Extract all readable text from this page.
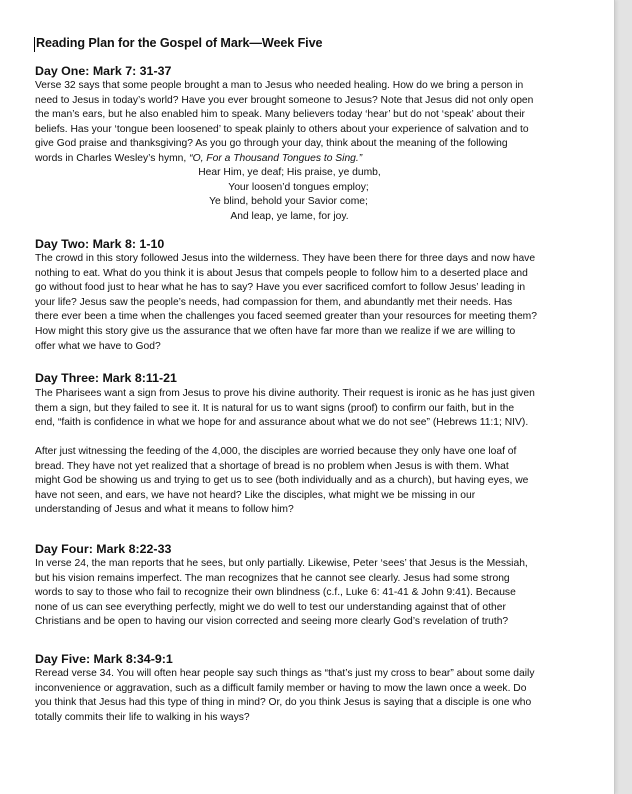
Reading Plan for the Gospel of Mark—Week Five
Day One: Mark 7: 31-37
Verse 32 says that some people brought a man to Jesus who needed healing. How do we bring a person in
need to Jesus in today’s world? Have you ever brought someone to Jesus? Note that Jesus did not only open
the man’s ears, but he also enabled him to speak. Many believers today ‘hear’ but do not ‘speak’ about their
beliefs. Has your ‘tongue been loosened’ to speak plainly to others about your experience of salvation and to
give God praise and thanksgiving? As you go through your day, think about the meaning of the following
words in Charles Wesley’s hymn, “O, For a Thousand Tongues to Sing.”
Hear Him, ye deaf; His praise, ye dumb,
Your loosen’d tongues employ;
Ye blind, behold your Savior come;
And leap, ye lame, for joy.
Day Two: Mark 8: 1-10
The crowd in this story followed Jesus into the wilderness. They have been there for three days and now have
nothing to eat. What do you think it is about Jesus that compels people to follow him to a deserted place and
go without food just to hear what he has to say? Have you ever sacrificed comfort to follow Jesus’ leading in
your life? Jesus saw the people’s needs, had compassion for them, and abundantly met their needs. Has
there ever been a time when the challenges you faced seemed greater than your resources for meeting them?
How might this story give us the assurance that we often have far more than we realize if we are willing to
offer what we have to God?
Day Three: Mark 8:11-21
The Pharisees want a sign from Jesus to prove his divine authority. Their request is ironic as he has just given
them a sign, but they failed to see it. It is natural for us to want signs (proof) to confirm our faith, but in the
end, “faith is confidence in what we hope for and assurance about what we do not see” (Hebrews 11:1; NIV).
After just witnessing the feeding of the 4,000, the disciples are worried because they only have one loaf of
bread. They have not yet realized that a shortage of bread is no problem when Jesus is with them. What
might God be showing us and trying to get us to see (both individually and as a church), but having eyes, we
have not seen, and ears, we have not heard? Like the disciples, what might we be missing in our
understanding of Jesus and what it means to follow him?
Day Four: Mark 8:22-33
In verse 24, the man reports that he sees, but only partially. Likewise, Peter ‘sees’ that Jesus is the Messiah,
but his vision remains imperfect. The man recognizes that he cannot see clearly. Jesus had some strong
words to say to those who fail to recognize their own blindness (c.f., Luke 6: 41-41 & John 9:41). Because
none of us can see everything perfectly, might we do well to test our understanding against that of other
Christians and be open to having our vision corrected and seeing more clearly God’s revelation of truth?
Day Five: Mark 8:34-9:1
Reread verse 34. You will often hear people say such things as “that’s just my cross to bear” about some daily
inconvenience or aggravation, such as a difficult family member or having to mow the lawn once a week. Do
you think that Jesus had this type of thing in mind? Or, do you think Jesus is saying that a disciple is one who
totally commits their life to walking in his ways?
